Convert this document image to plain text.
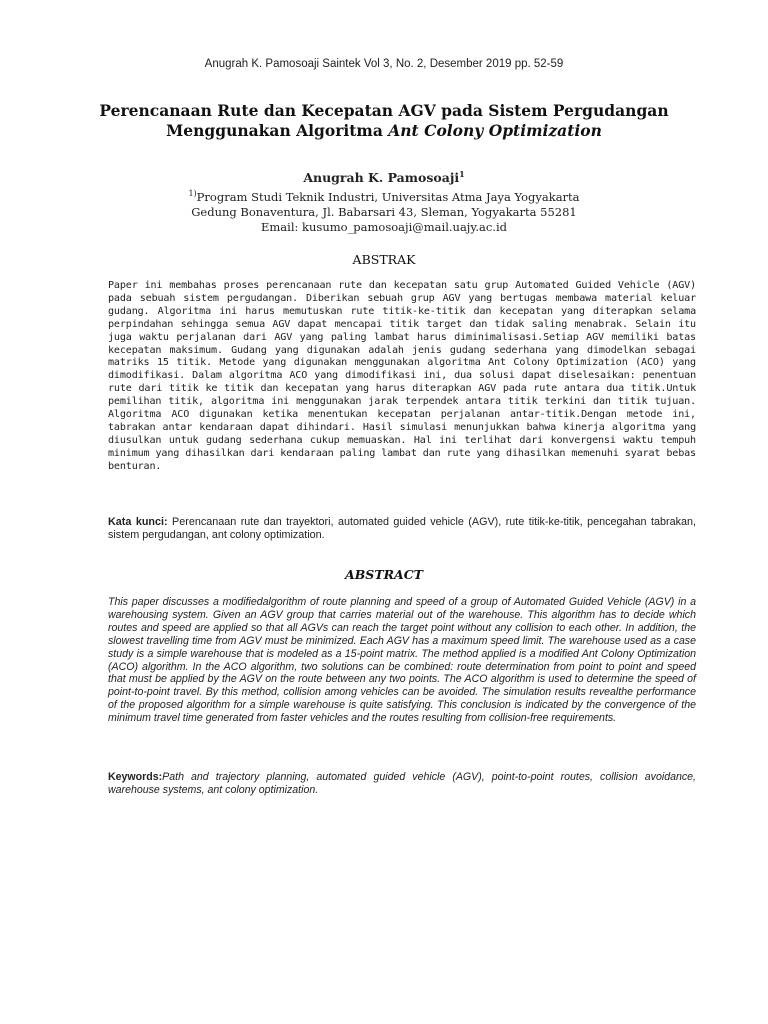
Anugrah K. Pamosoaji Saintek Vol 3, No. 2, Desember 2019 pp. 52-59
Perencanaan Rute dan Kecepatan AGV pada Sistem Pergudangan
Menggunakan Algoritma Ant Colony Optimization
Anugrah K. Pamosoaji$^1$
$^{1)}$Program Studi Teknik Industri, Universitas Atma Jaya Yogyakarta
Gedung Bonaventura, Jl. Babarsari 43, Sleman, Yogyakarta 55281
Email: kusumo_pamosoaji@mail.uajy.ac.id
ABSTRAK
Paper ini membahas proses perencanaan rute dan kecepatan satu grup Automated Guided Vehicle (AGV) pada sebuah sistem pergudangan. Diberikan sebuah grup AGV yang bertugas membawa material keluar gudang. Algoritma ini harus memutuskan rute titik-ke-titik dan kecepatan yang diterapkan selama perpindahan sehingga semua AGV dapat mencapai titik target dan tidak saling menabrak. Selain itu juga waktu perjalanan dari AGV yang paling lambat harus diminimalisasi.Setiap AGV memiliki batas kecepatan maksimum. Gudang yang digunakan adalah jenis gudang sederhana yang dimodelkan sebagai matriks 15 titik. Metode yang digunakan menggunakan algoritma Ant Colony Optimization (ACO) yang dimodifikasi. Dalam algoritma ACO yang dimodifikasi ini, dua solusi dapat diselesaikan: penentuan rute dari titik ke titik dan kecepatan yang harus diterapkan AGV pada rute antara dua titik.Untuk pemilihan titik, algoritma ini menggunakan jarak terpendek antara titik terkini dan titik tujuan. Algoritma ACO digunakan ketika menentukan kecepatan perjalanan antar-titik.Dengan metode ini, tabrakan antar kendaraan dapat dihindari. Hasil simulasi menunjukkan bahwa kinerja algoritma yang diusulkan untuk gudang sederhana cukup memuaskan. Hal ini terlihat dari konvergensi waktu tempuh minimum yang dihasilkan dari kendaraan paling lambat dan rute yang dihasilkan memenuhi syarat bebas benturan.
Kata kunci: Perencanaan rute dan trayektori, automated guided vehicle (AGV), rute titik-ke-titik, pencegahan tabrakan, sistem pergudangan, ant colony optimization.
ABSTRACT
This paper discusses a modifiedalgorithm of route planning and speed of a group of Automated Guided Vehicle (AGV) in a warehousing system. Given an AGV group that carries material out of the warehouse. This algorithm has to decide which routes and speed are applied so that all AGVs can reach the target point without any collision to each other. In addition, the slowest travelling time from AGV must be minimized. Each AGV has a maximum speed limit. The warehouse used as a case study is a simple warehouse that is modeled as a 15-point matrix. The method applied is a modified Ant Colony Optimization (ACO) algorithm. In the ACO algorithm, two solutions can be combined: route determination from point to point and speed that must be applied by the AGV on the route between any two points. The ACO algorithm is used to determine the speed of point-to-point travel. By this method, collision among vehicles can be avoided. The simulation results revealthe performance of the proposed algorithm for a simple warehouse is quite satisfying. This conclusion is indicated by the convergence of the minimum travel time generated from faster vehicles and the routes resulting from collision-free requirements.
Keywords:Path and trajectory planning, automated guided vehicle (AGV), point-to-point routes, collision avoidance, warehouse systems, ant colony optimization.
